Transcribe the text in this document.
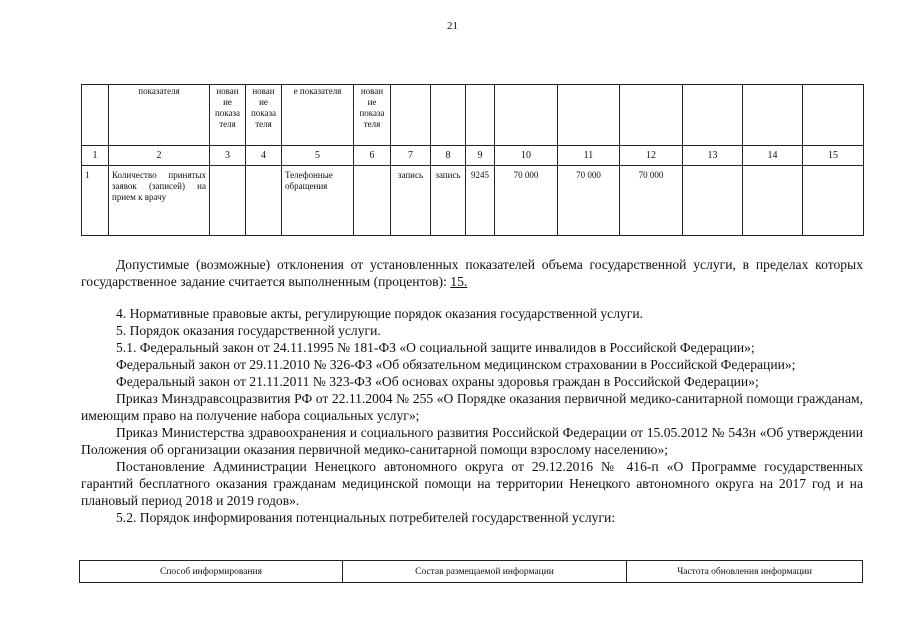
21
	показателя	нован ие показа теля	нован ие показа теля	е показателя	нован ие показа теля									
1	2	3	4	5	6	7	8	9	10	11	12	13	14	15
1	Количество принятых заявок (записей) на прием к врачу			Телефонные обращения		запись	запись	9245	70 000	70 000	70 000			

Допустимые (возможные) отклонения от установленных показателей объема государственной услуги, в пределах которых государственное задание считается выполненным (процентов): 15.

4. Нормативные правовые акты, регулирующие порядок оказания государственной услуги.

5. Порядок оказания государственной услуги.

5.1. Федеральный закон от 24.11.1995 № 181-ФЗ «О социальной защите инвалидов в Российской Федерации»;

Федеральный закон от 29.11.2010 № 326-ФЗ «Об обязательном медицинском страховании в Российской Федерации»;

Федеральный закон от 21.11.2011 № 323-ФЗ «Об основах охраны здоровья граждан в Российской Федерации»;

Приказ Минздравсоцразвития РФ от 22.11.2004 № 255 «О Порядке оказания первичной медико-санитарной помощи гражданам, имеющим право на получение набора социальных услуг»;

Приказ Министерства здравоохранения и социального развития Российской Федерации от 15.05.2012 № 543н «Об утверждении Положения об организации оказания первичной медико-санитарной помощи взрослому населению»;

Постановление Администрации Ненецкого автономного округа от 29.12.2016 № 416-п «О Программе государственных гарантий бесплатного оказания гражданам медицинской помощи на территории Ненецкого автономного округа на 2017 год и на плановый период 2018 и 2019 годов».

5.2. Порядок информирования потенциальных потребителей государственной услуги:

Способ информирования	Состав размещаемой информации	Частота обновления информации
